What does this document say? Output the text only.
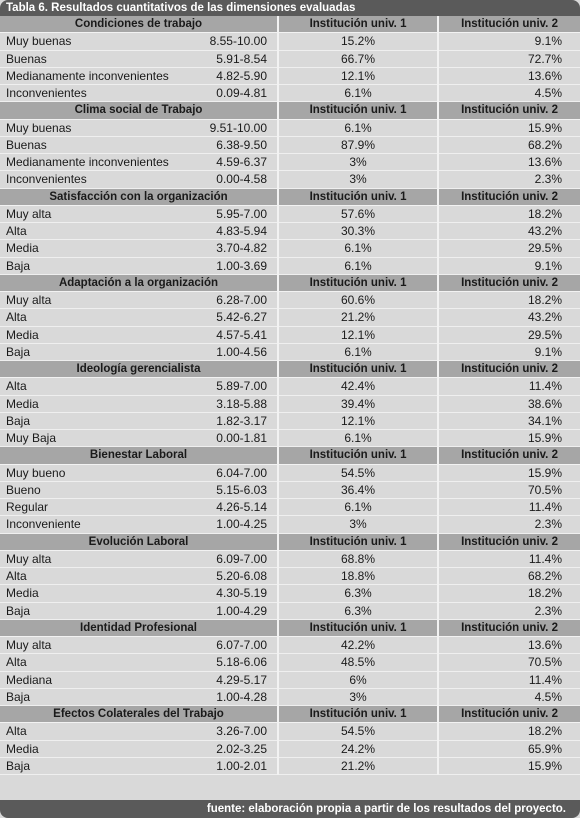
Tabla 6. Resultados cuantitativos de las dimensiones evaluadas
Condiciones de trabajo		Institución univ. 1	Institución univ. 2
Muy buenas	8.55-10.00	15.2%	9.1%
Buenas	5.91-8.54	66.7%	72.7%
Medianamente inconvenientes	4.82-5.90	12.1%	13.6%
Inconvenientes	0.09-4.81	6.1%	4.5%
Clima social de Trabajo		Institución univ. 1	Institución univ. 2
Muy buenas	9.51-10.00	6.1%	15.9%
Buenas	6.38-9.50	87.9%	68.2%
Medianamente inconvenientes	4.59-6.37	3%	13.6%
Inconvenientes	0.00-4.58	3%	2.3%
Satisfacción con la organización		Institución univ. 1	Institución univ. 2
Muy alta	5.95-7.00	57.6%	18.2%
Alta	4.83-5.94	30.3%	43.2%
Media	3.70-4.82	6.1%	29.5%
Baja	1.00-3.69	6.1%	9.1%
Adaptación a la organización		Institución univ. 1	Institución univ. 2
Muy alta	6.28-7.00	60.6%	18.2%
Alta	5.42-6.27	21.2%	43.2%
Media	4.57-5.41	12.1%	29.5%
Baja	1.00-4.56	6.1%	9.1%
Ideología gerencialista		Institución univ. 1	Institución univ. 2
Alta	5.89-7.00	42.4%	11.4%
Media	3.18-5.88	39.4%	38.6%
Baja	1.82-3.17	12.1%	34.1%
Muy Baja	0.00-1.81	6.1%	15.9%
Bienestar Laboral		Institución univ. 1	Institución univ. 2
Muy bueno	6.04-7.00	54.5%	15.9%
Bueno	5.15-6.03	36.4%	70.5%
Regular	4.26-5.14	6.1%	11.4%
Inconveniente	1.00-4.25	3%	2.3%
Evolución Laboral		Institución univ. 1	Institución univ. 2
Muy alta	6.09-7.00	68.8%	11.4%
Alta	5.20-6.08	18.8%	68.2%
Media	4.30-5.19	6.3%	18.2%
Baja	1.00-4.29	6.3%	2.3%
Identidad Profesional		Institución univ. 1	Institución univ. 2
Muy alta	6.07-7.00	42.2%	13.6%
Alta	5.18-6.06	48.5%	70.5%
Mediana	4.29-5.17	6%	11.4%
Baja	1.00-4.28	3%	4.5%
Efectos Colaterales del Trabajo		Institución univ. 1	Institución univ. 2
Alta	3.26-7.00	54.5%	18.2%
Media	2.02-3.25	24.2%	65.9%
Baja	1.00-2.01	21.2%	15.9%
fuente: elaboración propia a partir de los resultados del proyecto.
